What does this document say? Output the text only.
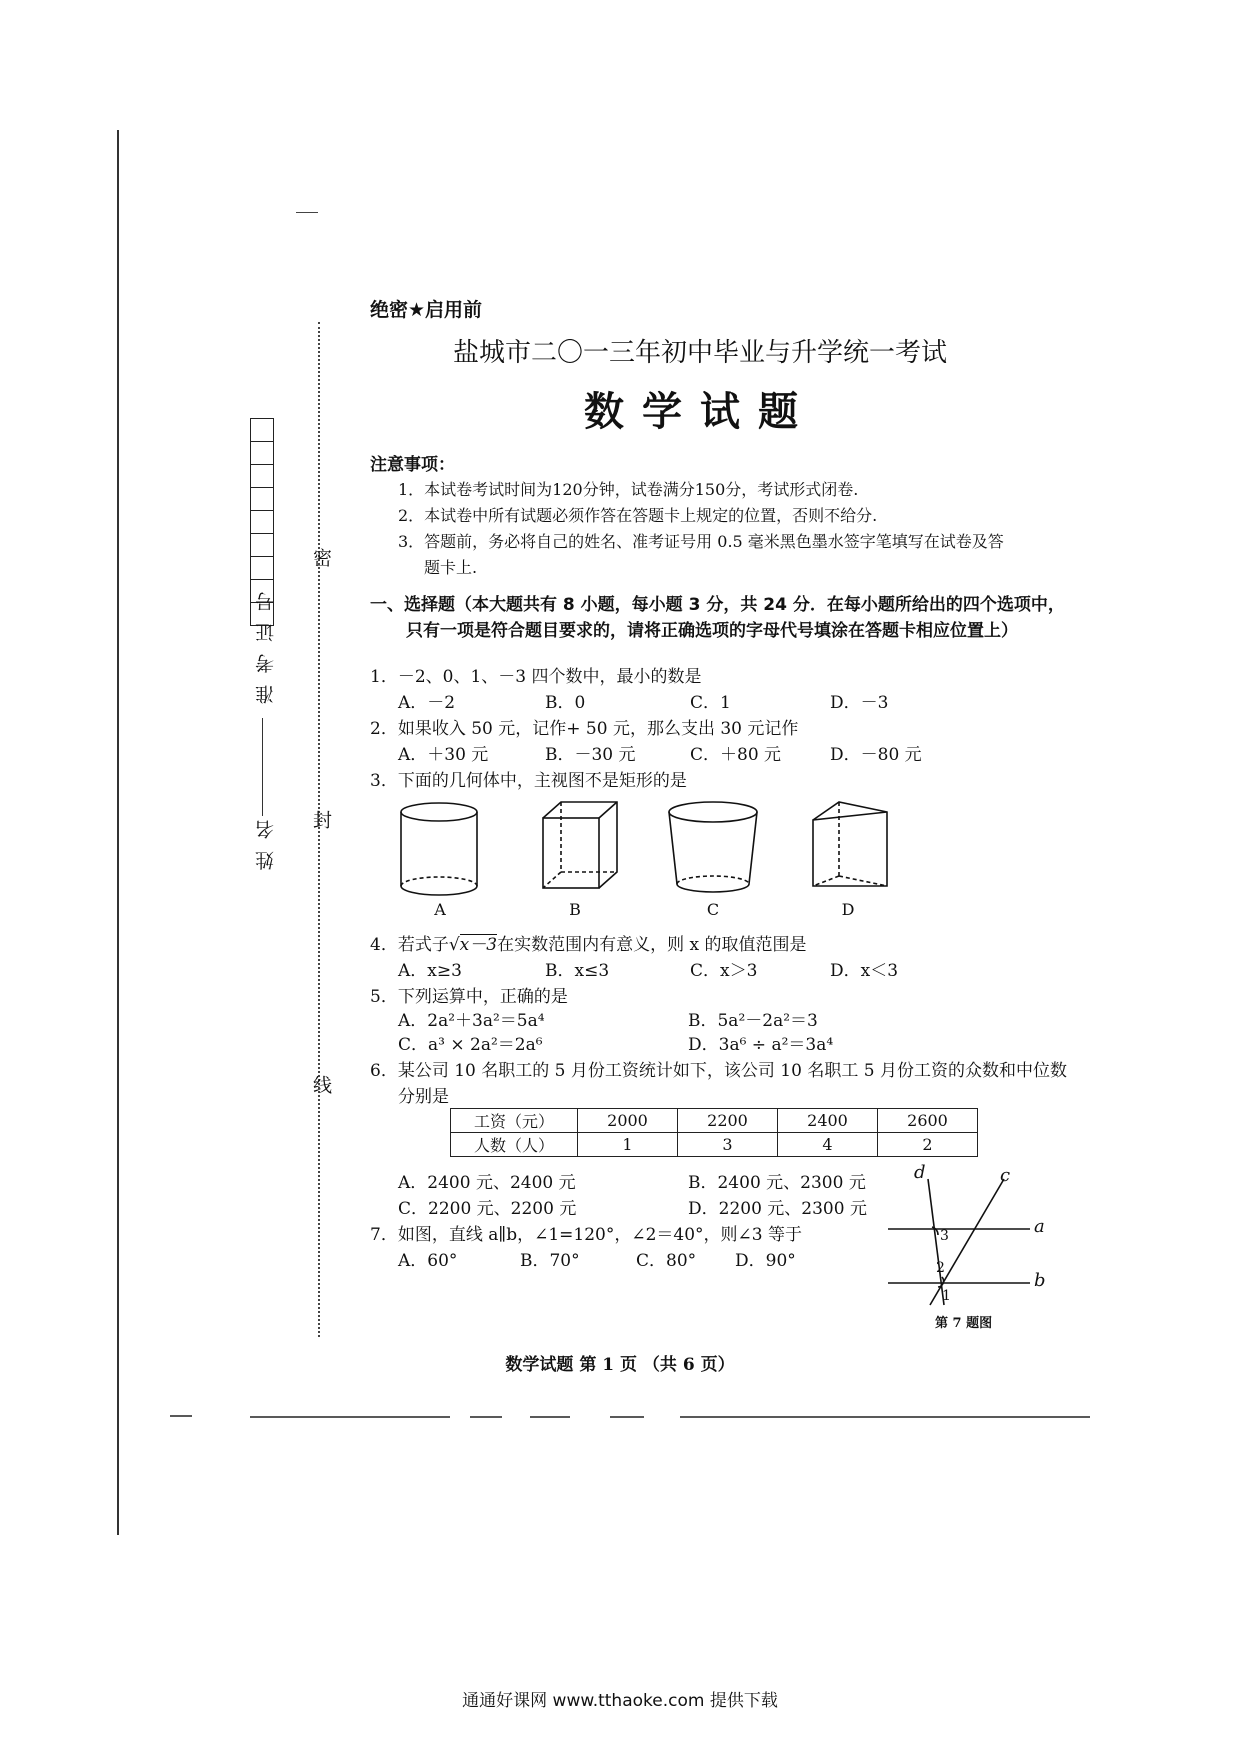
密
封
线
准考证号
姓名
绝密★启用前
盐城市二〇一三年初中毕业与升学统一考试
数学试题
注意事项：
1．本试卷考试时间为120分钟，试卷满分150分，考试形式闭卷.
2．本试卷中所有试题必须作答在答题卡上规定的位置，否则不给分.
3．答题前，务必将自己的姓名、准考证号用 0.5 毫米黑色墨水签字笔填写在试卷及答
题卡上.
一、选择题（本大题共有 8 小题，每小题 3 分，共 24 分．在每小题所给出的四个选项中，
只有一项是符合题目要求的，请将正确选项的字母代号填涂在答题卡相应位置上）
1．－2、0、1、－3 四个数中，最小的数是
A．－2	B．0	C．1	D．－3
2．如果收入 50 元，记作+ 50 元，那么支出 30 元记作
A．＋30 元	B．－30 元	C．＋80 元	D．－80 元
3．下面的几何体中，主视图不是矩形的是
A	B	C	D
4．若式子√x－3在实数范围内有意义，则 x 的取值范围是
A．x≥3	B．x≤3	C．x＞3	D．x＜3
5．下列运算中，正确的是
A．2a²＋3a²＝5a⁴	B．5a²－2a²＝3
C．a³ × 2a²＝2a⁶	D．3a⁶ ÷ a²＝3a⁴
6．某公司 10 名职工的 5 月份工资统计如下，该公司 10 名职工 5 月份工资的众数和中位数
分别是
工资（元）	2000	2200	2400	2600
人数（人）	1	3	4	2
A．2400 元、2400 元	B．2400 元、2300 元
C．2200 元、2200 元	D．2200 元、2300 元
7．如图，直线 a∥b，∠1=120°，∠2＝40°，则∠3 等于
A．60°	B．70°	C．80° D．90°
d	c
a
b
3
2
1
第 7 题图
数学试题 第 1 页 （共 6 页）
通通好课网 www.tthaoke.com 提供下载
